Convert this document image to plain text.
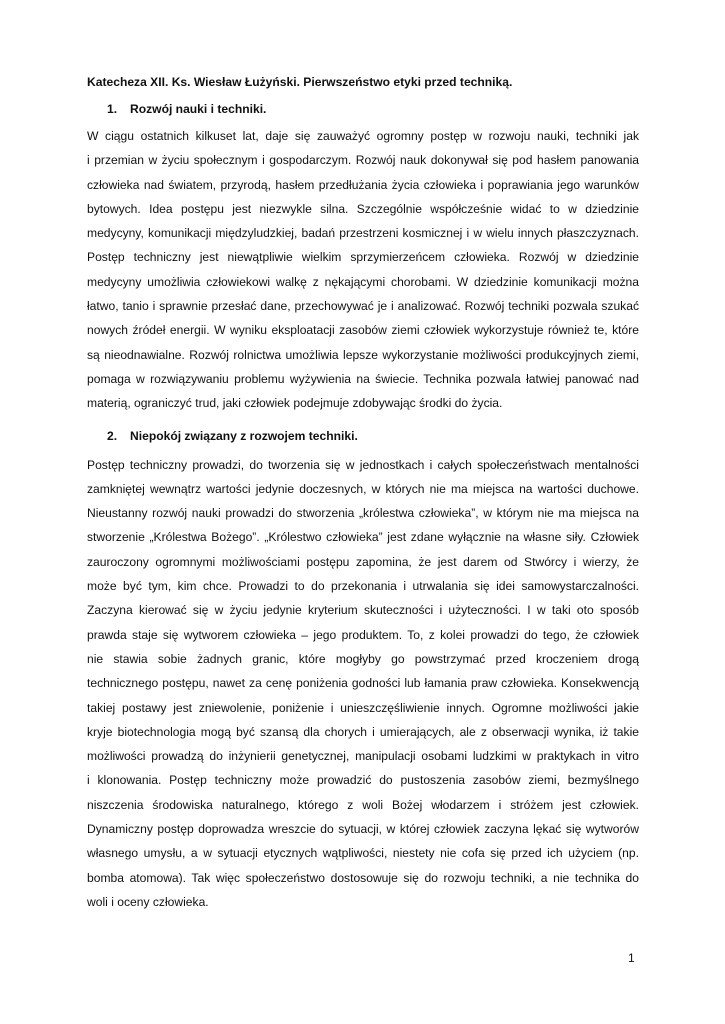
Katecheza XII. Ks. Wiesław Łużyński. Pierwszeństwo etyki przed techniką.

1. Rozwój nauki i techniki.
W ciągu ostatnich kilkuset lat, daje się zauważyć ogromny postęp w rozwoju nauki, techniki jak
i przemian w życiu społecznym i gospodarczym. Rozwój nauk dokonywał się pod hasłem panowania
człowieka nad światem, przyrodą, hasłem przedłużania życia człowieka i poprawiania jego warunków
bytowych. Idea postępu jest niezwykle silna. Szczególnie współcześnie widać to w dziedzinie
medycyny, komunikacji międzyludzkiej, badań przestrzeni kosmicznej i w wielu innych płaszczyznach.
Postęp techniczny jest niewątpliwie wielkim sprzymierzeńcem człowieka. Rozwój w dziedzinie
medycyny umożliwia człowiekowi walkę z nękającymi chorobami. W dziedzinie komunikacji można
łatwo, tanio i sprawnie przesłać dane, przechowywać je i analizować. Rozwój techniki pozwala szukać
nowych źródeł energii. W wyniku eksploatacji zasobów ziemi człowiek wykorzystuje również te, które
są nieodnawialne. Rozwój rolnictwa umożliwia lepsze wykorzystanie możliwości produkcyjnych ziemi,
pomaga w rozwiązywaniu problemu wyżywienia na świecie. Technika pozwala łatwiej panować nad
materią, ograniczyć trud, jaki człowiek podejmuje zdobywając środki do życia.
2. Niepokój związany z rozwojem techniki.
Postęp techniczny prowadzi, do tworzenia się w jednostkach i całych społeczeństwach mentalności
zamkniętej wewnątrz wartości jedynie doczesnych, w których nie ma miejsca na wartości duchowe.
Nieustanny rozwój nauki prowadzi do stworzenia „królestwa człowieka”, w którym nie ma miejsca na
stworzenie „Królestwa Bożego”. „Królestwo człowieka” jest zdane wyłącznie na własne siły. Człowiek
zauroczony ogromnymi możliwościami postępu zapomina, że jest darem od Stwórcy i wierzy, że
może być tym, kim chce. Prowadzi to do przekonania i utrwalania się idei samowystarczalności.
Zaczyna kierować się w życiu jedynie kryterium skuteczności i użyteczności. I w taki oto sposób
prawda staje się wytworem człowieka – jego produktem. To, z kolei prowadzi do tego, że człowiek
nie stawia sobie żadnych granic, które mogłyby go powstrzymać przed kroczeniem drogą
technicznego postępu, nawet za cenę poniżenia godności lub łamania praw człowieka. Konsekwencją
takiej postawy jest zniewolenie, poniżenie i unieszczęśliwienie innych. Ogromne możliwości jakie
kryje biotechnologia mogą być szansą dla chorych i umierających, ale z obserwacji wynika, iż takie
możliwości prowadzą do inżynierii genetycznej, manipulacji osobami ludzkimi w praktykach in vitro
i klonowania. Postęp techniczny może prowadzić do pustoszenia zasobów ziemi, bezmyślnego
niszczenia środowiska naturalnego, którego z woli Bożej włodarzem i stróżem jest człowiek.
Dynamiczny postęp doprowadza wreszcie do sytuacji, w której człowiek zaczyna lękać się wytworów
własnego umysłu, a w sytuacji etycznych wątpliwości, niestety nie cofa się przed ich użyciem (np.
bomba atomowa). Tak więc społeczeństwo dostosowuje się do rozwoju techniki, a nie technika do
woli i oceny człowieka.
1
